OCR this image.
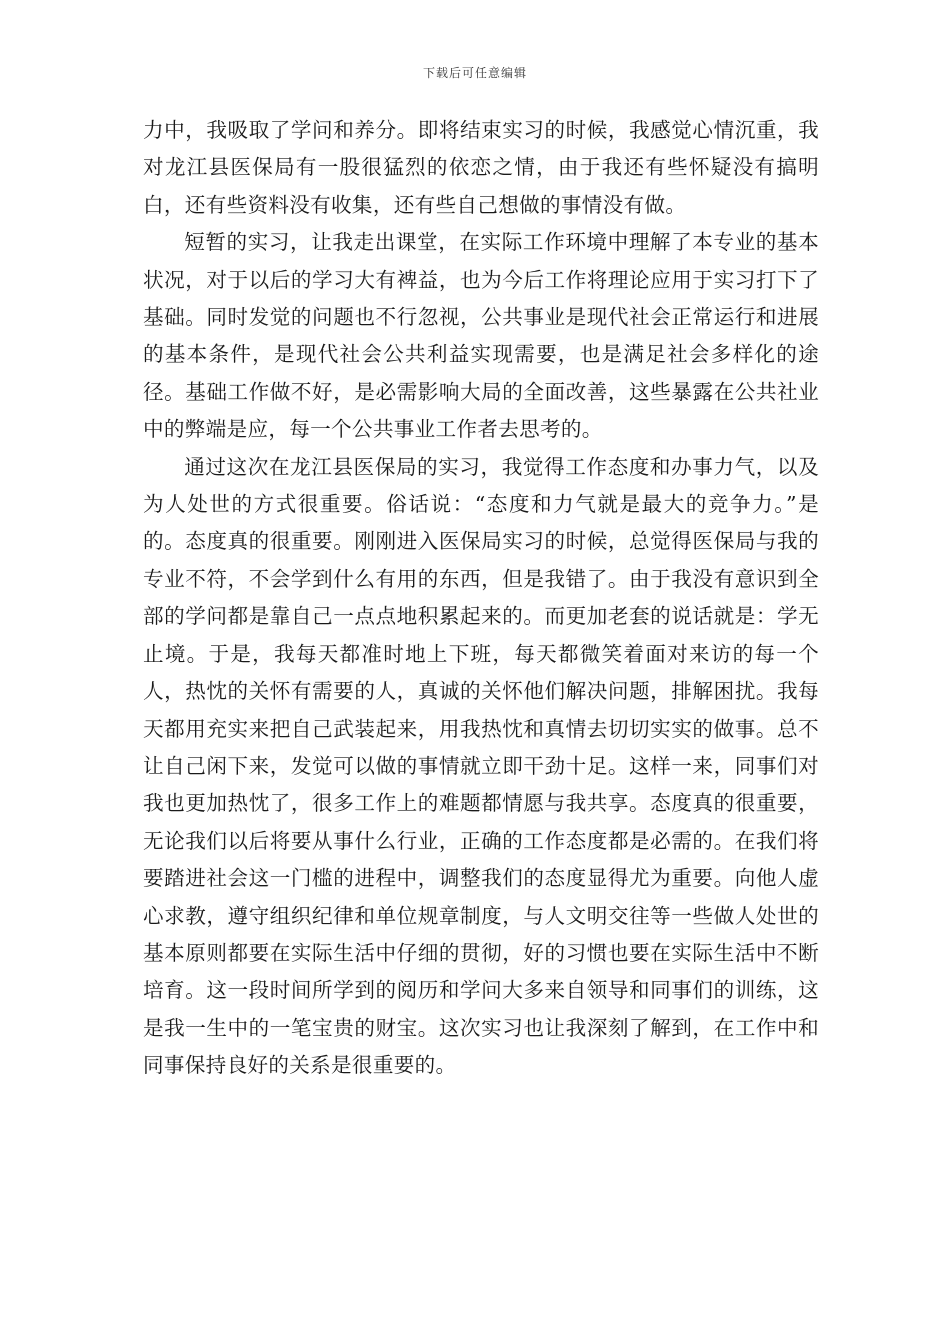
下载后可任意编辑

力中，我吸取了学问和养分。即将结束实习的时候，我感觉心情沉重，我对龙江县医保局有一股很猛烈的依恋之情，由于我还有些怀疑没有搞明白，还有些资料没有收集，还有些自己想做的事情没有做。

短暂的实习，让我走出课堂，在实际工作环境中理解了本专业的基本状况，对于以后的学习大有裨益，也为今后工作将理论应用于实习打下了基础。同时发觉的问题也不行忽视，公共事业是现代社会正常运行和进展的基本条件，是现代社会公共利益实现需要，也是满足社会多样化的途径。基础工作做不好，是必需影响大局的全面改善，这些暴露在公共社业中的弊端是应，每一个公共事业工作者去思考的。

通过这次在龙江县医保局的实习，我觉得工作态度和办事力气，以及为人处世的方式很重要。俗话说：“态度和力气就是最大的竞争力。”是的。态度真的很重要。刚刚进入医保局实习的时候，总觉得医保局与我的专业不符，不会学到什么有用的东西，但是我错了。由于我没有意识到全部的学问都是靠自己一点点地积累起来的。而更加老套的说话就是：学无止境。于是，我每天都准时地上下班，每天都微笑着面对来访的每一个人，热忱的关怀有需要的人，真诚的关怀他们解决问题，排解困扰。我每天都用充实来把自己武装起来，用我热忱和真情去切切实实的做事。总不让自己闲下来，发觉可以做的事情就立即干劲十足。这样一来，同事们对我也更加热忱了，很多工作上的难题都情愿与我共享。态度真的很重要，无论我们以后将要从事什么行业，正确的工作态度都是必需的。在我们将要踏进社会这一门槛的进程中，调整我们的态度显得尤为重要。向他人虚心求教，遵守组织纪律和单位规章制度，与人文明交往等一些做人处世的基本原则都要在实际生活中仔细的贯彻，好的习惯也要在实际生活中不断培育。这一段时间所学到的阅历和学问大多来自领导和同事们的训练，这是我一生中的一笔宝贵的财宝。这次实习也让我深刻了解到，在工作中和同事保持良好的关系是很重要的。
